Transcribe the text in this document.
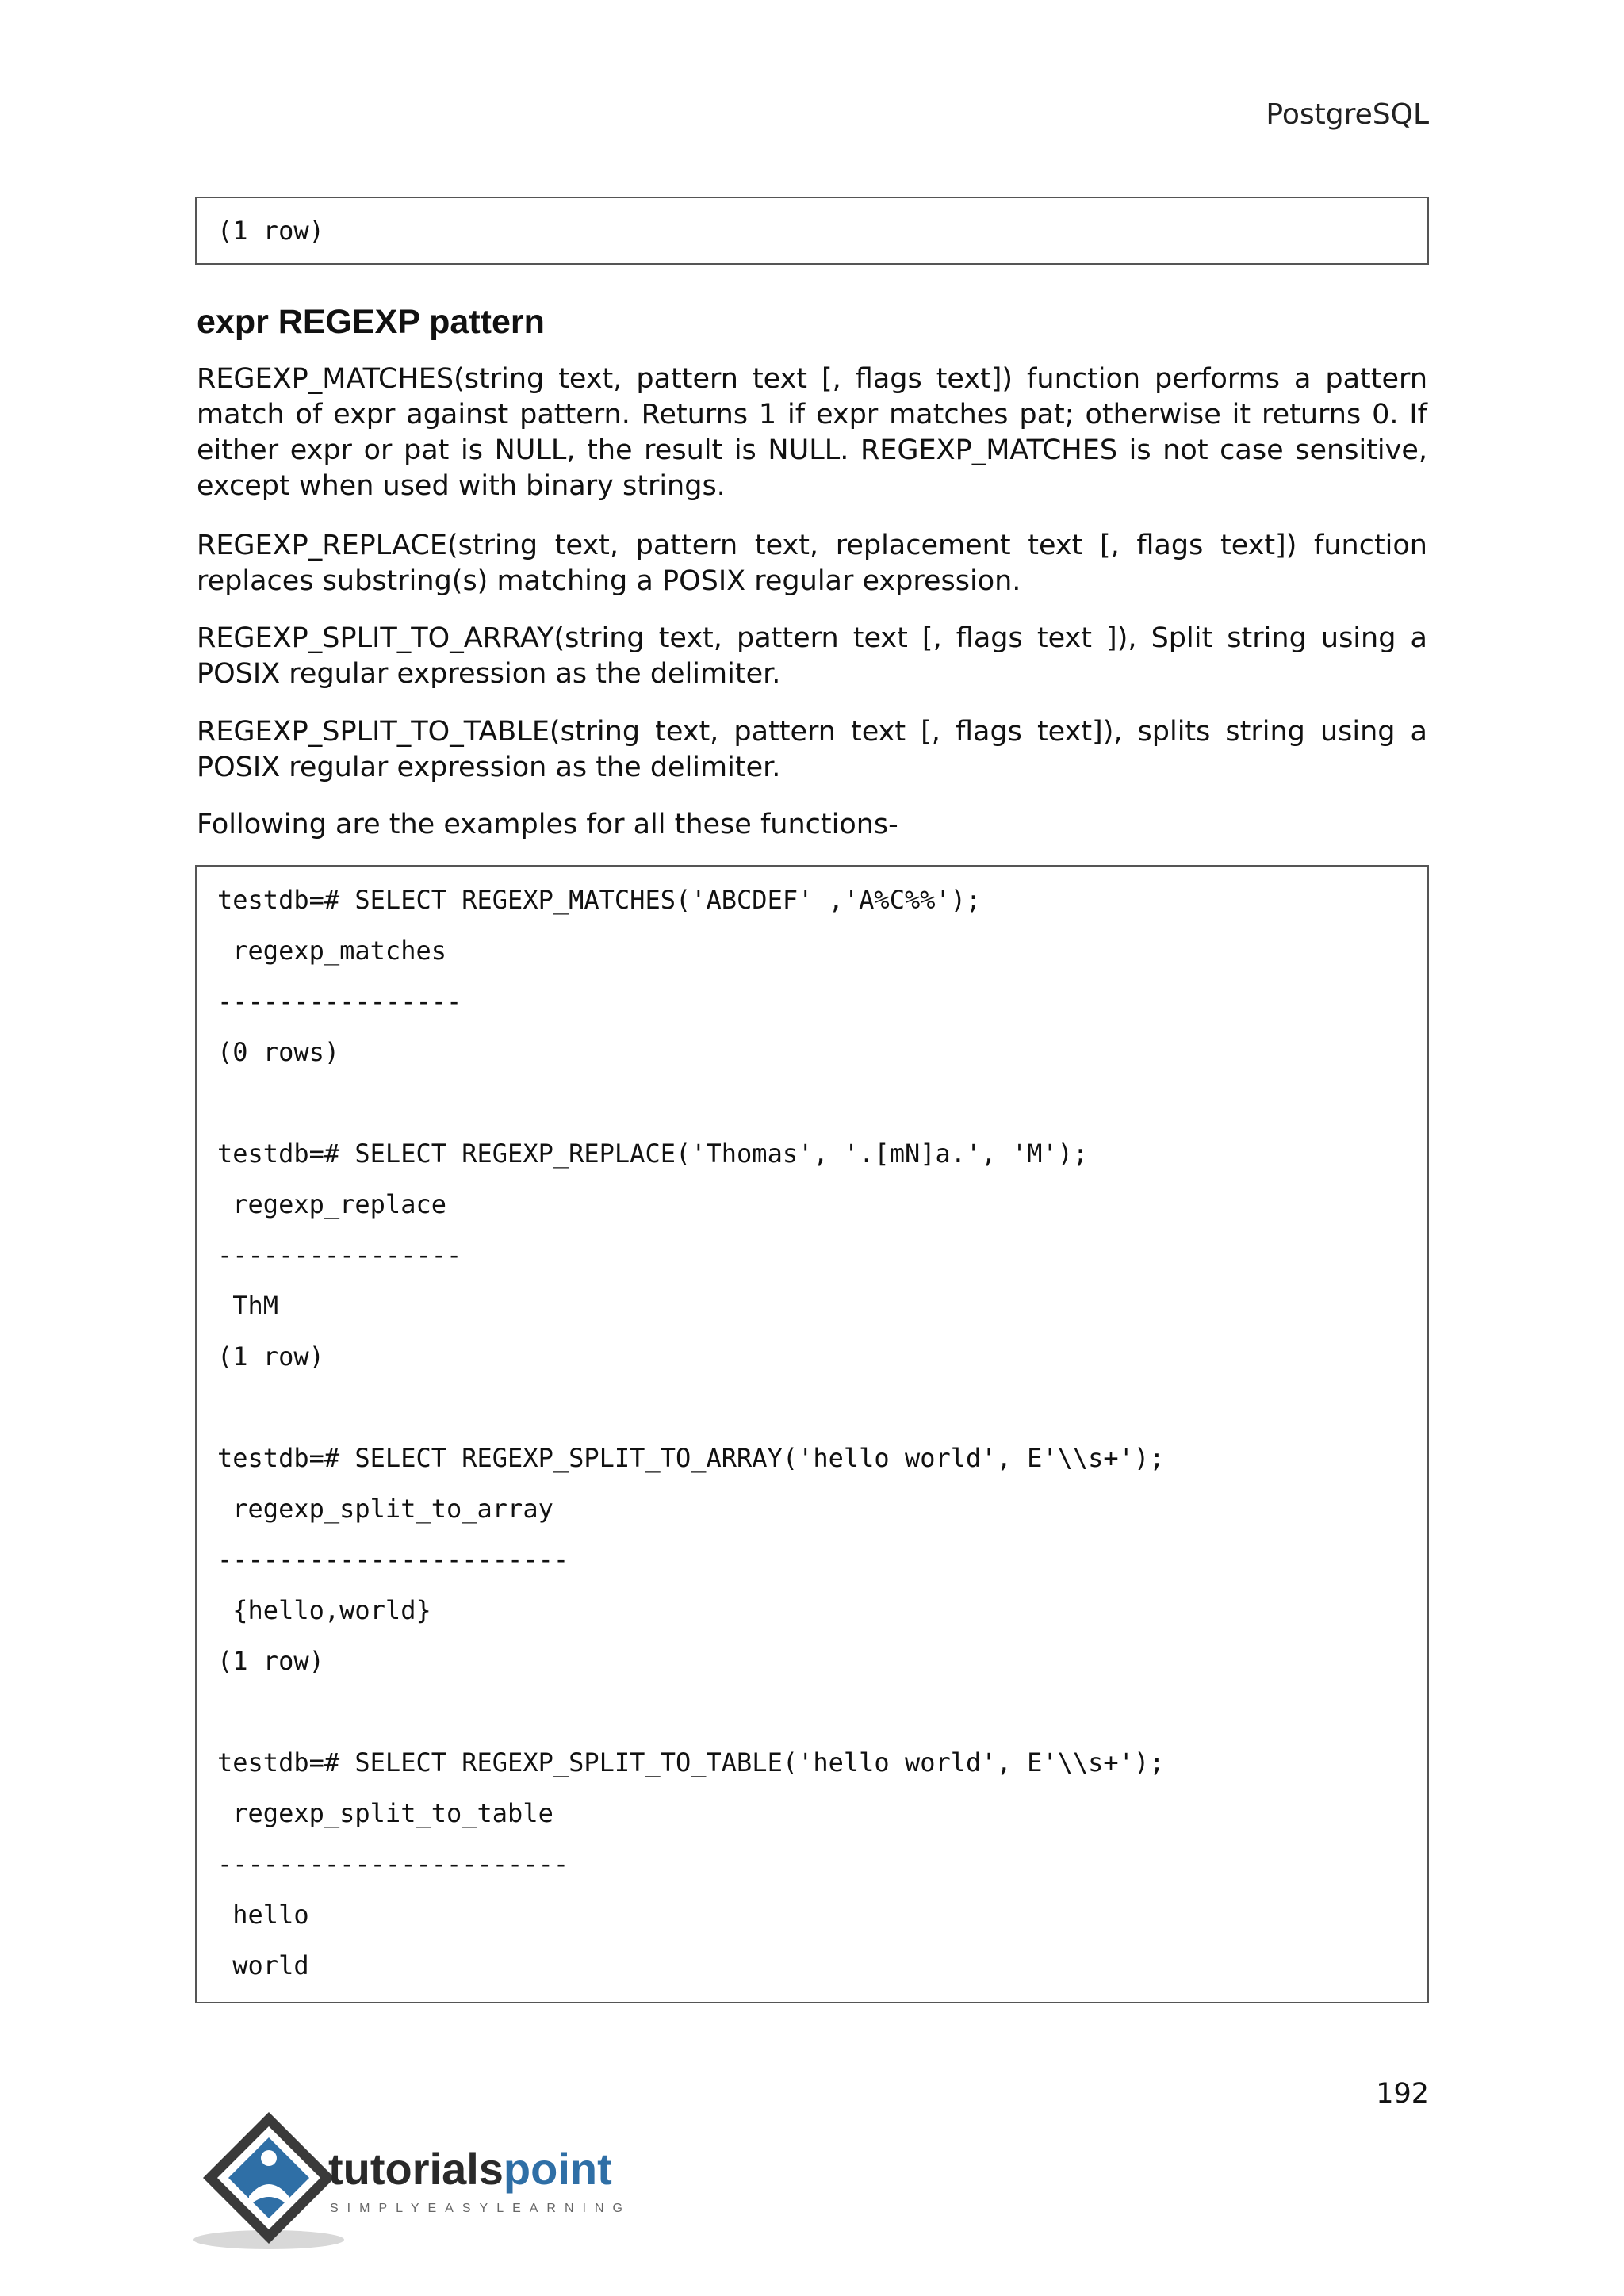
PostgreSQL
(1 row)
expr REGEXP pattern
REGEXP_MATCHES(string text, pattern text [, flags text]) function performs a pattern match of expr against pattern. Returns 1 if expr matches pat; otherwise it returns 0. If either expr or pat is NULL, the result is NULL. REGEXP_MATCHES is not case sensitive, except when used with binary strings.
REGEXP_REPLACE(string text, pattern text, replacement text [, flags text]) function replaces substring(s) matching a POSIX regular expression.
REGEXP_SPLIT_TO_ARRAY(string text, pattern text [, flags text ]), Split string using a POSIX regular expression as the delimiter.
REGEXP_SPLIT_TO_TABLE(string text, pattern text [, flags text]), splits string using a POSIX regular expression as the delimiter.
Following are the examples for all these functions-
testdb=# SELECT REGEXP_MATCHES('ABCDEF' ,'A%C%%');
regexp_matches
----------------
(0 rows)
testdb=# SELECT REGEXP_REPLACE('Thomas', '.[mN]a.', 'M');
regexp_replace
----------------
ThM
(1 row)
testdb=# SELECT REGEXP_SPLIT_TO_ARRAY('hello world', E'\\s+');
regexp_split_to_array
-----------------------
{hello,world}
(1 row)
testdb=# SELECT REGEXP_SPLIT_TO_TABLE('hello world', E'\\s+');
regexp_split_to_table
-----------------------
hello
world
192
tutorialspoint
SIMPLYEASYLEARNING
